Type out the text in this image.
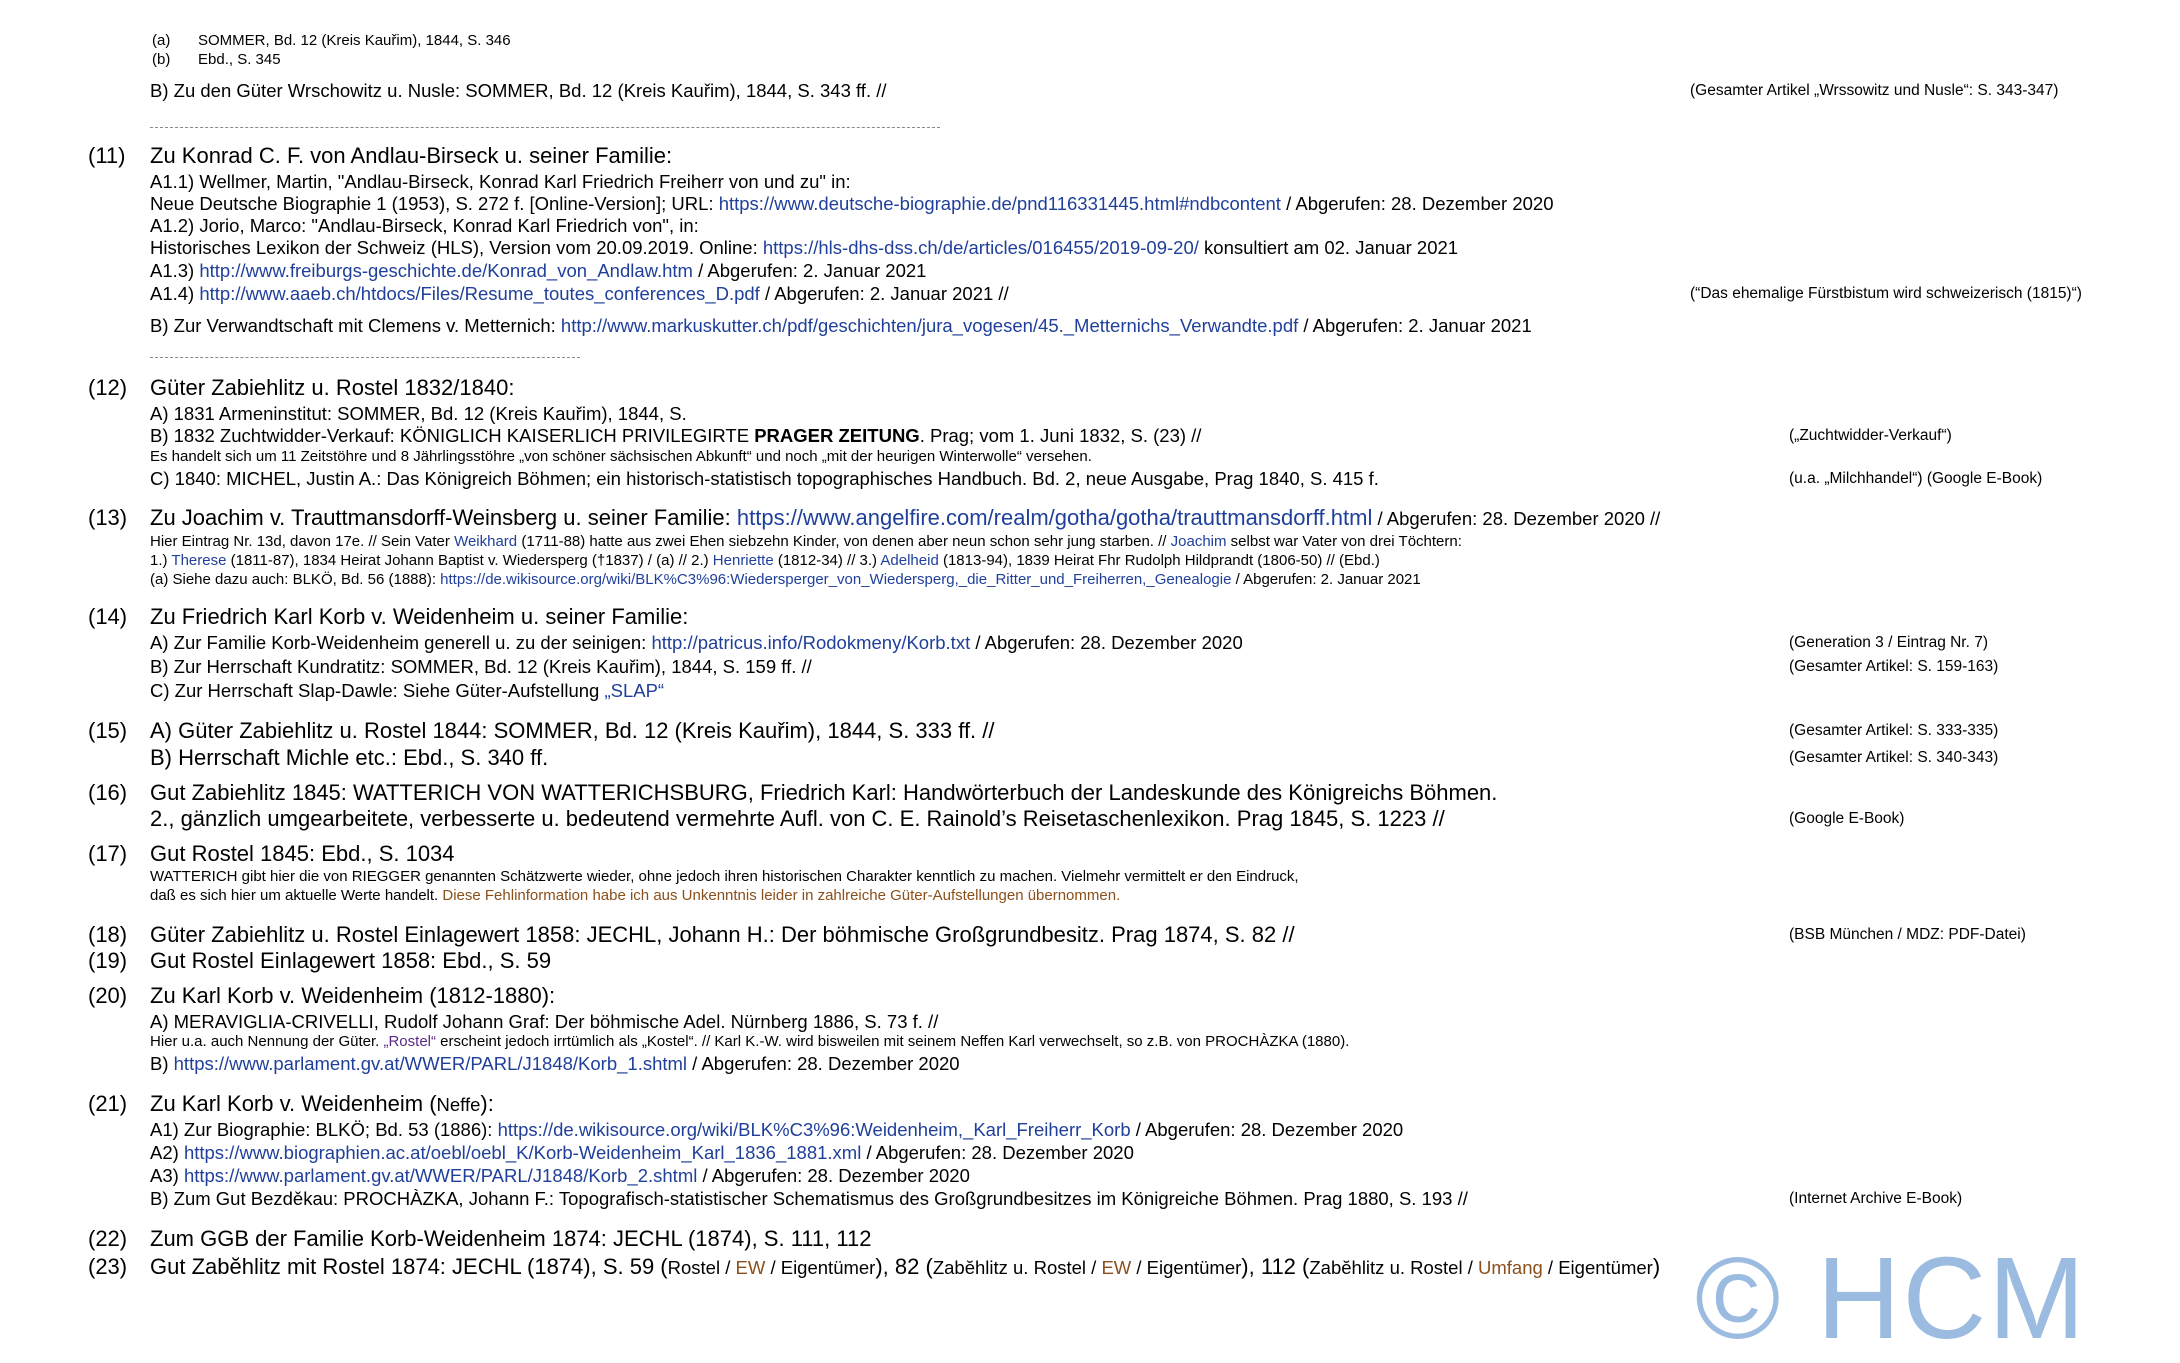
(a) SOMMER, Bd. 12 (Kreis Kauřim), 1844, S. 346
(b) Ebd., S. 345
B) Zu den Güter Wrschowitz u. Nusle: SOMMER, Bd. 12 (Kreis Kauřim), 1844, S. 343 ff. //	(Gesamter Artikel „Wrssowitz und Nusle“: S. 343-347)
(11) Zu Konrad C. F. von Andlau-Birseck u. seiner Familie:
A1.1) Wellmer, Martin, "Andlau-Birseck, Konrad Karl Friedrich Freiherr von und zu" in:
Neue Deutsche Biographie 1 (1953), S. 272 f. [Online-Version]; URL: https://www.deutsche-biographie.de/pnd116331445.html#ndbcontent / Abgerufen: 28. Dezember 2020
A1.2) Jorio, Marco: "Andlau-Birseck, Konrad Karl Friedrich von", in:
Historisches Lexikon der Schweiz (HLS), Version vom 20.09.2019. Online: https://hls-dhs-dss.ch/de/articles/016455/2019-09-20/ konsultiert am 02. Januar 2021
A1.3) http://www.freiburgs-geschichte.de/Konrad_von_Andlaw.htm / Abgerufen: 2. Januar 2021
A1.4) http://www.aaeb.ch/htdocs/Files/Resume_toutes_conferences_D.pdf / Abgerufen: 2. Januar 2021 //	(“Das ehemalige Fürstbistum wird schweizerisch (1815)“)
B) Zur Verwandtschaft mit Clemens v. Metternich: http://www.markuskutter.ch/pdf/geschichten/jura_vogesen/45._Metternichs_Verwandte.pdf / Abgerufen: 2. Januar 2021
(12) Güter Zabiehlitz u. Rostel 1832/1840:
A) 1831 Armeninstitut: SOMMER, Bd. 12 (Kreis Kauřim), 1844, S.
B) 1832 Zuchtwidder-Verkauf: KÖNIGLICH KAISERLICH PRIVILEGIRTE PRAGER ZEITUNG. Prag; vom 1. Juni 1832, S. (23) //	(„Zuchtwidder-Verkauf“)
Es handelt sich um 11 Zeitstöhre und 8 Jährlingsstöhre „von schöner sächsischen Abkunft“ und noch „mit der heurigen Winterwolle“ versehen.
C) 1840: MICHEL, Justin A.: Das Königreich Böhmen; ein historisch-statistisch topographisches Handbuch. Bd. 2, neue Ausgabe, Prag 1840, S. 415 f.	(u.a. „Milchhandel“) (Google E-Book)
(13) Zu Joachim v. Trauttmansdorff-Weinsberg u. seiner Familie: https://www.angelfire.com/realm/gotha/gotha/trauttmansdorff.html / Abgerufen: 28. Dezember 2020 //
Hier Eintrag Nr. 13d, davon 17e. // Sein Vater Weikhard (1711-88) hatte aus zwei Ehen siebzehn Kinder, von denen aber neun schon sehr jung starben. // Joachim selbst war Vater von drei Töchtern:
1.) Therese (1811-87), 1834 Heirat Johann Baptist v. Wiedersperg (†1837) / (a) // 2.) Henriette (1812-34) // 3.) Adelheid (1813-94), 1839 Heirat Fhr Rudolph Hildprandt (1806-50) // (Ebd.)
(a) Siehe dazu auch: BLKÖ, Bd. 56 (1888): https://de.wikisource.org/wiki/BLK%C3%96:Wiedersperger_von_Wiedersperg,_die_Ritter_und_Freiherren,_Genealogie / Abgerufen: 2. Januar 2021
(14) Zu Friedrich Karl Korb v. Weidenheim u. seiner Familie:
A) Zur Familie Korb-Weidenheim generell u. zu der seinigen: http://patricus.info/Rodokmeny/Korb.txt / Abgerufen: 28. Dezember 2020	(Generation 3 / Eintrag Nr. 7)
B) Zur Herrschaft Kundratitz: SOMMER, Bd. 12 (Kreis Kauřim), 1844, S. 159 ff. //	(Gesamter Artikel: S. 159-163)
C) Zur Herrschaft Slap-Dawle: Siehe Güter-Aufstellung „SLAP“
(15) A) Güter Zabiehlitz u. Rostel 1844: SOMMER, Bd. 12 (Kreis Kauřim), 1844, S. 333 ff. //	(Gesamter Artikel: S. 333-335)
B) Herrschaft Michle etc.: Ebd., S. 340 ff.	(Gesamter Artikel: S. 340-343)
(16) Gut Zabiehlitz 1845: WATTERICH VON WATTERICHSBURG, Friedrich Karl: Handwörterbuch der Landeskunde des Königreichs Böhmen.
2., gänzlich umgearbeitete, verbesserte u. bedeutend vermehrte Aufl. von C. E. Rainold’s Reisetaschenlexikon. Prag 1845, S. 1223 //	(Google E-Book)
(17) Gut Rostel 1845: Ebd., S. 1034
WATTERICH gibt hier die von RIEGGER genannten Schätzwerte wieder, ohne jedoch ihren historischen Charakter kenntlich zu machen. Vielmehr vermittelt er den Eindruck,
daß es sich hier um aktuelle Werte handelt. Diese Fehlinformation habe ich aus Unkenntnis leider in zahlreiche Güter-Aufstellungen übernommen.
(18) Güter Zabiehlitz u. Rostel Einlagewert 1858: JECHL, Johann H.: Der böhmische Großgrundbesitz. Prag 1874, S. 82 //	(BSB München / MDZ: PDF-Datei)
(19) Gut Rostel Einlagewert 1858: Ebd., S. 59
(20) Zu Karl Korb v. Weidenheim (1812-1880):
A) MERAVIGLIA-CRIVELLI, Rudolf Johann Graf: Der böhmische Adel. Nürnberg 1886, S. 73 f. //
Hier u.a. auch Nennung der Güter. „Rostel“ erscheint jedoch irrtümlich als „Kostel“. // Karl K.-W. wird bisweilen mit seinem Neffen Karl verwechselt, so z.B. von PROCHÀZKA (1880).
B) https://www.parlament.gv.at/WWER/PARL/J1848/Korb_1.shtml / Abgerufen: 28. Dezember 2020
(21) Zu Karl Korb v. Weidenheim (Neffe):
A1) Zur Biographie: BLKÖ; Bd. 53 (1886): https://de.wikisource.org/wiki/BLK%C3%96:Weidenheim,_Karl_Freiherr_Korb / Abgerufen: 28. Dezember 2020
A2) https://www.biographien.ac.at/oebl/oebl_K/Korb-Weidenheim_Karl_1836_1881.xml / Abgerufen: 28. Dezember 2020
A3) https://www.parlament.gv.at/WWER/PARL/J1848/Korb_2.shtml / Abgerufen: 28. Dezember 2020
B) Zum Gut Bezděkau: PROCHÀZKA, Johann F.: Topografisch-statistischer Schematismus des Großgrundbesitzes im Königreiche Böhmen. Prag 1880, S. 193 //	(Internet Archive E-Book)
(22) Zum GGB der Familie Korb-Weidenheim 1874: JECHL (1874), S. 111, 112
(23) Gut Zabĕhlitz mit Rostel 1874: JECHL (1874), S. 59 (Rostel / EW / Eigentümer), 82 (Zabĕhlitz u. Rostel / EW / Eigentümer), 112 (Zabĕhlitz u. Rostel / Umfang / Eigentümer) © HCM
